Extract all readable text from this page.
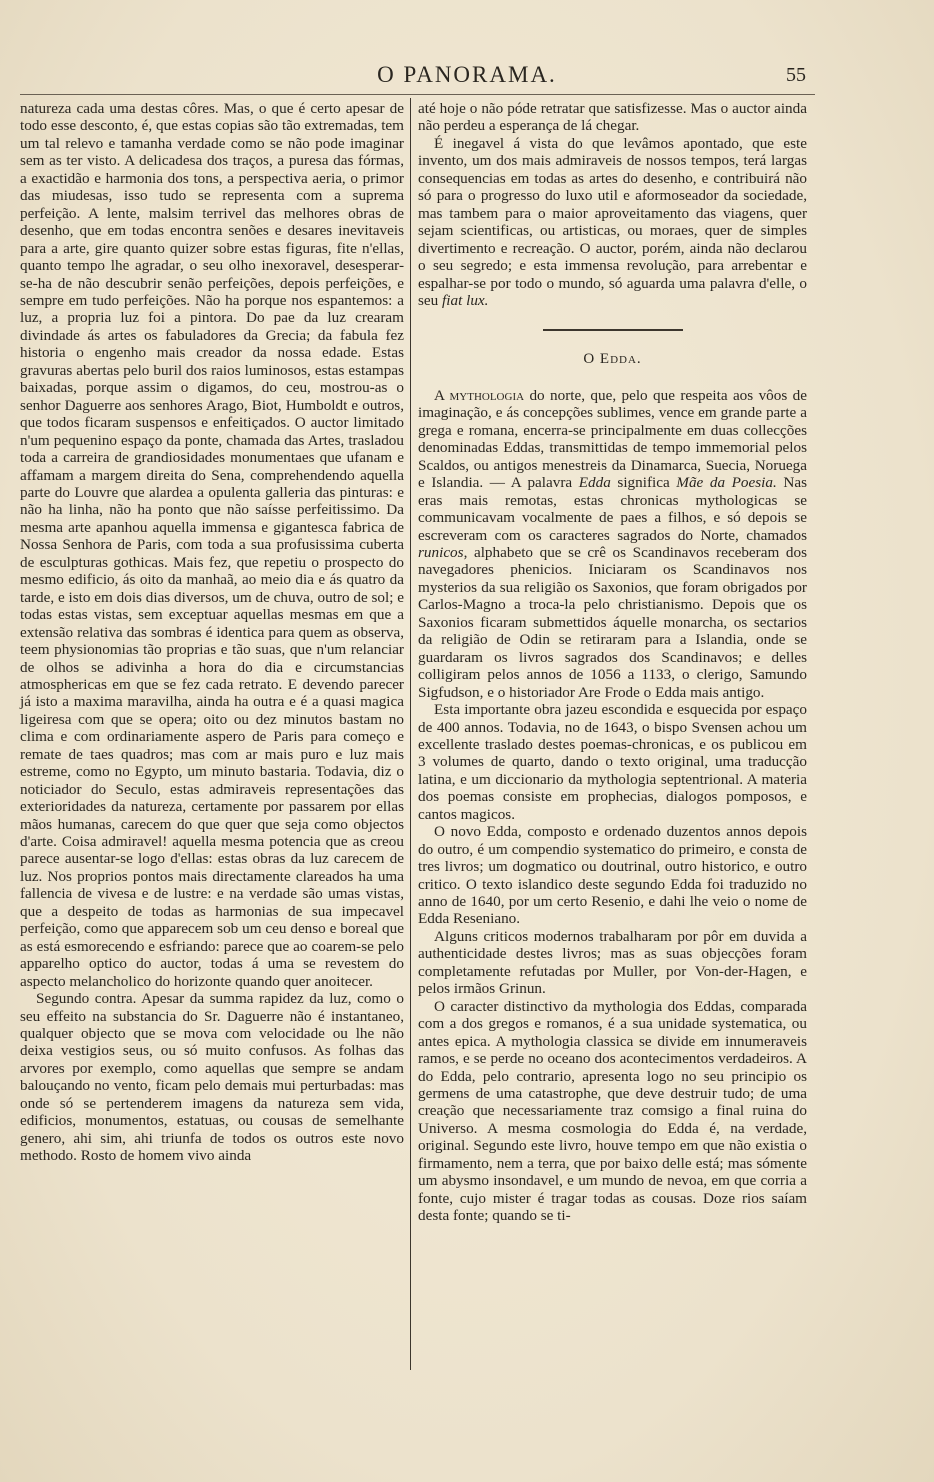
O PANORAMA.	55

natureza cada uma destas côres. Mas, o que é certo apesar de todo esse desconto, é, que estas copias são tão extremadas, tem um tal relevo e tamanha verdade como se não pode imaginar sem as ter visto. A delicadesa dos traços, a puresa das fórmas, a exactidão e harmonia dos tons, a perspectiva aeria, o primor das miudesas, isso tudo se representa com a suprema perfeição. A lente, malsim terrivel das melhores obras de desenho, que em todas encontra senões e desares inevitaveis para a arte, gire quanto quizer sobre estas figuras, fite n'ellas, quanto tempo lhe agradar, o seu olho inexoravel, desesperar-se-ha de não descubrir senão perfeições, depois perfeições, e sempre em tudo perfeições. Não ha porque nos espantemos: a luz, a propria luz foi a pintora. Do pae da luz crearam divindade ás artes os fabuladores da Grecia; da fabula fez historia o engenho mais creador da nossa edade. Estas gravuras abertas pelo buril dos raios luminosos, estas estampas baixadas, porque assim o digamos, do ceu, mostrou-as o senhor Daguerre aos senhores Arago, Biot, Humboldt e outros, que todos ficaram suspensos e enfeitiçados. O auctor limitado n'um pequenino espaço da ponte, chamada das Artes, trasladou toda a carreira de grandiosidades monumentaes que ufanam e affamam a margem direita do Sena, comprehendendo aquella parte do Louvre que alardea a opulenta galleria das pinturas: e não ha linha, não ha ponto que não saísse perfeitissimo. Da mesma arte apanhou aquella immensa e gigantesca fabrica de Nossa Senhora de Paris, com toda a sua profusissima cuberta de esculpturas gothicas. Mais fez, que repetiu o prospecto do mesmo edificio, ás oito da manhaã, ao meio dia e ás quatro da tarde, e isto em dois dias diversos, um de chuva, outro de sol; e todas estas vistas, sem exceptuar aquellas mesmas em que a extensão relativa das sombras é identica para quem as observa, teem physionomias tão proprias e tão suas, que n'um relanciar de olhos se adivinha a hora do dia e circumstancias atmosphericas em que se fez cada retrato. E devendo parecer já isto a maxima maravilha, ainda ha outra e é a quasi magica ligeiresa com que se opera; oito ou dez minutos bastam no clima e com ordinariamente aspero de Paris para começo e remate de taes quadros; mas com ar mais puro e luz mais estreme, como no Egypto, um minuto bastaria. Todavia, diz o noticiador do Seculo, estas admiraveis representações das exterioridades da natureza, certamente por passarem por ellas mãos humanas, carecem do que quer que seja como objectos d'arte. Coisa admiravel! aquella mesma potencia que as creou parece ausentar-se logo d'ellas: estas obras da luz carecem de luz. Nos proprios pontos mais directamente clareados ha uma fallencia de vivesa e de lustre: e na verdade são umas vistas, que a despeito de todas as harmonias de sua impecavel perfeição, como que apparecem sob um ceu denso e boreal que as está esmorecendo e esfriando: parece que ao coarem-se pelo apparelho optico do auctor, todas á uma se revestem do aspecto melancholico do horizonte quando quer anoitecer.

Segundo contra. Apesar da summa rapidez da luz, como o seu effeito na substancia do Sr. Daguerre não é instantaneo, qualquer objecto que se mova com velocidade ou lhe não deixa vestigios seus, ou só muito confusos. As folhas das arvores por exemplo, como aquellas que sempre se andam balouçando no vento, ficam pelo demais mui perturbadas: mas onde só se pertenderem imagens da natureza sem vida, edificios, monumentos, estatuas, ou cousas de semelhante genero, ahi sim, ahi triunfa de todos os outros este novo methodo. Rosto de homem vivo ainda

até hoje o não póde retratar que satisfizesse. Mas o auctor ainda não perdeu a esperança de lá chegar.

É inegavel á vista do que levâmos apontado, que este invento, um dos mais admiraveis de nossos tempos, terá largas consequencias em todas as artes do desenho, e contribuirá não só para o progresso do luxo util e aformoseador da sociedade, mas tambem para o maior aproveitamento das viagens, quer sejam scientificas, ou artisticas, ou moraes, quer de simples divertimento e recreação. O auctor, porém, ainda não declarou o seu segredo; e esta immensa revolução, para arrebentar e espalhar-se por todo o mundo, só aguarda uma palavra d'elle, o seu fiat lux.

O Edda.

A mythologia do norte, que, pelo que respeita aos vôos de imaginação, e ás concepções sublimes, vence em grande parte a grega e romana, encerra-se principalmente em duas collecções denominadas Eddas, transmittidas de tempo immemorial pelos Scaldos, ou antigos menestreis da Dinamarca, Suecia, Noruega e Islandia. — A palavra Edda significa Mãe da Poesia. Nas eras mais remotas, estas chronicas mythologicas se communicavam vocalmente de paes a filhos, e só depois se escreveram com os caracteres sagrados do Norte, chamados runicos, alphabeto que se crê os Scandinavos receberam dos navegadores phenicios. Iniciaram os Scandinavos nos mysterios da sua religião os Saxonios, que foram obrigados por Carlos-Magno a troca-la pelo christianismo. Depois que os Saxonios ficaram submettidos áquelle monarcha, os sectarios da religião de Odin se retiraram para a Islandia, onde se guardaram os livros sagrados dos Scandinavos; e delles colligiram pelos annos de 1056 a 1133, o clerigo, Samundo Sigfudson, e o historiador Are Frode o Edda mais antigo.

Esta importante obra jazeu escondida e esquecida por espaço de 400 annos. Todavia, no de 1643, o bispo Svensen achou um excellente traslado destes poemas-chronicas, e os publicou em 3 volumes de quarto, dando o texto original, uma traducção latina, e um diccionario da mythologia septentrional. A materia dos poemas consiste em prophecias, dialogos pomposos, e cantos magicos.

O novo Edda, composto e ordenado duzentos annos depois do outro, é um compendio systematico do primeiro, e consta de tres livros; um dogmatico ou doutrinal, outro historico, e outro critico. O texto islandico deste segundo Edda foi traduzido no anno de 1640, por um certo Resenio, e dahi lhe veio o nome de Edda Reseniano.

Alguns criticos modernos trabalharam por pôr em duvida a authenticidade destes livros; mas as suas objecções foram completamente refutadas por Muller, por Von-der-Hagen, e pelos irmãos Grinun.

O caracter distinctivo da mythologia dos Eddas, comparada com a dos gregos e romanos, é a sua unidade systematica, ou antes epica. A mythologia classica se divide em innumeraveis ramos, e se perde no oceano dos acontecimentos verdadeiros. A do Edda, pelo contrario, apresenta logo no seu principio os germens de uma catastrophe, que deve destruir tudo; de uma creação que necessariamente traz comsigo a final ruina do Universo. A mesma cosmologia do Edda é, na verdade, original. Segundo este livro, houve tempo em que não existia o firmamento, nem a terra, que por baixo delle está; mas sómente um abysmo insondavel, e um mundo de nevoa, em que corria a fonte, cujo mister é tragar todas as cousas. Doze rios saíam desta fonte; quando se ti-
